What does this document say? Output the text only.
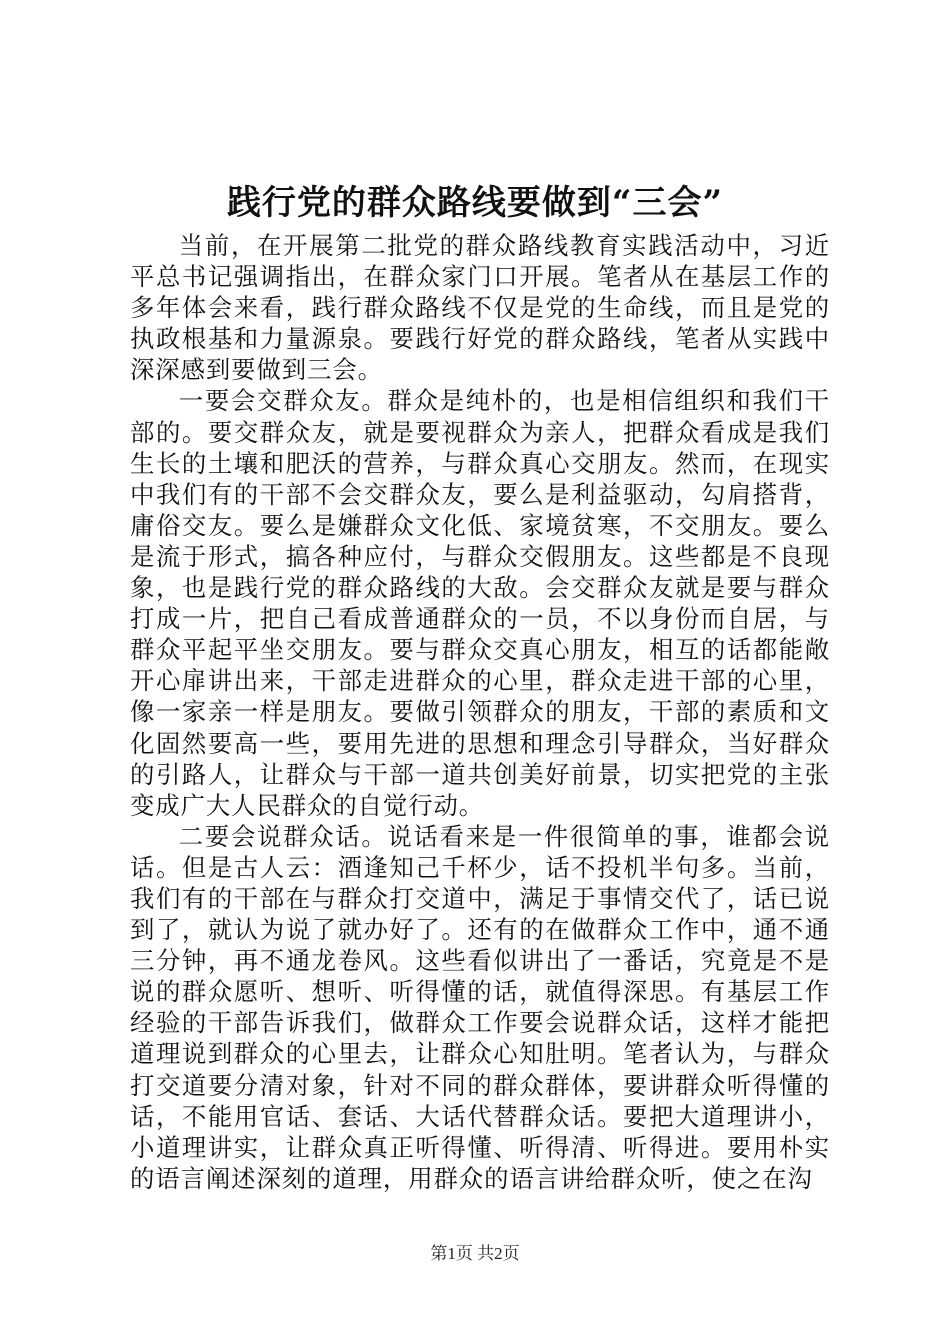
践行党的群众路线要做到“三会”

当前，在开展第二批党的群众路线教育实践活动中，习近平总书记强调指出，在群众家门口开展。笔者从在基层工作的多年体会来看，践行群众路线不仅是党的生命线，而且是党的执政根基和力量源泉。要践行好党的群众路线，笔者从实践中深深感到要做到三会。

一要会交群众友。群众是纯朴的，也是相信组织和我们干部的。要交群众友，就是要视群众为亲人，把群众看成是我们生长的土壤和肥沃的营养，与群众真心交朋友。然而，在现实中我们有的干部不会交群众友，要么是利益驱动，勾肩搭背，庸俗交友。要么是嫌群众文化低、家境贫寒，不交朋友。要么是流于形式，搞各种应付，与群众交假朋友。这些都是不良现象，也是践行党的群众路线的大敌。会交群众友就是要与群众打成一片，把自己看成普通群众的一员，不以身份而自居，与群众平起平坐交朋友。要与群众交真心朋友，相互的话都能敞开心扉讲出来，干部走进群众的心里，群众走进干部的心里，像一家亲一样是朋友。要做引领群众的朋友，干部的素质和文化固然要高一些，要用先进的思想和理念引导群众，当好群众的引路人，让群众与干部一道共创美好前景，切实把党的主张变成广大人民群众的自觉行动。

二要会说群众话。说话看来是一件很简单的事，谁都会说话。但是古人云：酒逢知己千杯少，话不投机半句多。当前，我们有的干部在与群众打交道中，满足于事情交代了，话已说到了，就认为说了就办好了。还有的在做群众工作中，通不通三分钟，再不通龙卷风。这些看似讲出了一番话，究竟是不是说的群众愿听、想听、听得懂的话，就值得深思。有基层工作经验的干部告诉我们，做群众工作要会说群众话，这样才能把道理说到群众的心里去，让群众心知肚明。笔者认为，与群众打交道要分清对象，针对不同的群众群体，要讲群众听得懂的话，不能用官话、套话、大话代替群众话。要把大道理讲小，小道理讲实，让群众真正听得懂、听得清、听得进。要用朴实的语言阐述深刻的道理，用群众的语言讲给群众听，使之在沟

第1页 共2页
